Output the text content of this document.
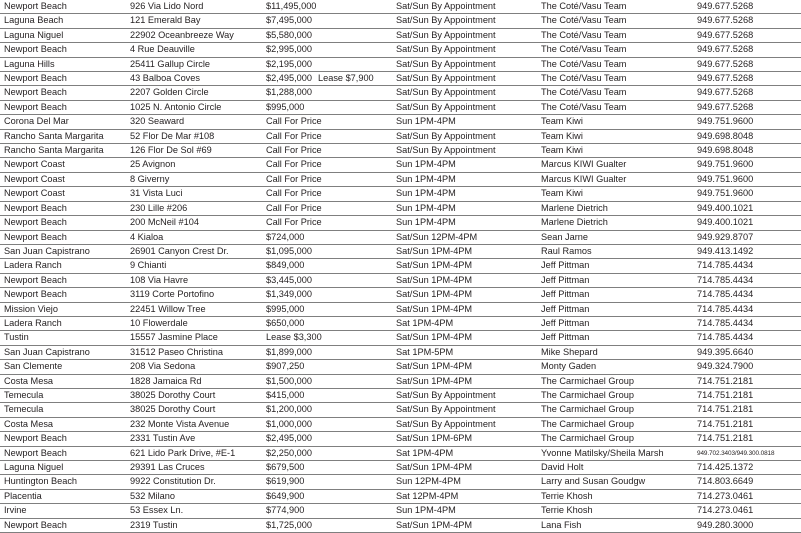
Newport Beach	926 Via Lido Nord	$11,495,000	Sat/Sun By Appointment	The Coté/Vasu Team	949.677.5268
Laguna Beach	121 Emerald Bay	$7,495,000	Sat/Sun By Appointment	The Coté/Vasu Team	949.677.5268
Laguna Niguel	22902 Oceanbreeze Way	$5,580,000	Sat/Sun By Appointment	The Coté/Vasu Team	949.677.5268
Newport Beach	4 Rue Deauville	$2,995,000	Sat/Sun By Appointment	The Coté/Vasu Team	949.677.5268
Laguna Hills	25411 Gallup Circle	$2,195,000	Sat/Sun By Appointment	The Coté/Vasu Team	949.677.5268
Newport Beach	43 Balboa Coves	$2,495,000 Lease $7,900	Sat/Sun By Appointment	The Coté/Vasu Team	949.677.5268
Newport Beach	2207 Golden Circle	$1,288,000	Sat/Sun By Appointment	The Coté/Vasu Team	949.677.5268
Newport Beach	1025 N. Antonio Circle	$995,000	Sat/Sun By Appointment	The Coté/Vasu Team	949.677.5268
Corona Del Mar	320 Seaward	Call For Price	Sun 1PM-4PM	Team Kiwi	949.751.9600
Rancho Santa Margarita	52 Flor De Mar #108	Call For Price	Sat/Sun By Appointment	Team Kiwi	949.698.8048
Rancho Santa Margarita	126 Flor De Sol #69	Call For Price	Sat/Sun By Appointment	Team Kiwi	949.698.8048
Newport Coast	25 Avignon	Call For Price	Sun 1PM-4PM	Marcus KIWI Gualter	949.751.9600
Newport Coast	8 Giverny	Call For Price	Sun 1PM-4PM	Marcus KIWI Gualter	949.751.9600
Newport Coast	31 Vista Luci	Call For Price	Sun 1PM-4PM	Team Kiwi	949.751.9600
Newport Beach	230 Lille #206	Call For Price	Sun 1PM-4PM	Marlene Dietrich	949.400.1021
Newport Beach	200 McNeil #104	Call For Price	Sun 1PM-4PM	Marlene Dietrich	949.400.1021
Newport Beach	4 Kialoa	$724,000	Sat/Sun 12PM-4PM	Sean Jarne	949.929.8707
San Juan Capistrano	26901 Canyon Crest Dr.	$1,095,000	Sat/Sun 1PM-4PM	Raul Ramos	949.413.1492
Ladera Ranch	9 Chianti	$849,000	Sat/Sun 1PM-4PM	Jeff Pittman	714.785.4434
Newport Beach	108 Via Havre	$3,445,000	Sat/Sun 1PM-4PM	Jeff Pittman	714.785.4434
Newport Beach	3119 Corte Portofino	$1,349,000	Sat/Sun 1PM-4PM	Jeff Pittman	714.785.4434
Mission Viejo	22451 Willow Tree	$995,000	Sat/Sun 1PM-4PM	Jeff Pittman	714.785.4434
Ladera Ranch	10 Flowerdale	$650,000	Sat 1PM-4PM	Jeff Pittman	714.785.4434
Tustin	15557 Jasmine Place	Lease $3,300	Sat/Sun 1PM-4PM	Jeff Pittman	714.785.4434
San Juan Capistrano	31512 Paseo Christina	$1,899,000	Sat 1PM-5PM	Mike Shepard	949.395.6640
San Clemente	208 Via Sedona	$907,250	Sat/Sun 1PM-4PM	Monty Gaden	949.324.7900
Costa Mesa	1828 Jamaica Rd	$1,500,000	Sat/Sun 1PM-4PM	The Carmichael Group	714.751.2181
Temecula	38025 Dorothy Court	$415,000	Sat/Sun By Appointment	The Carmichael Group	714.751.2181
Temecula	38025 Dorothy Court	$1,200,000	Sat/Sun By Appointment	The Carmichael Group	714.751.2181
Costa Mesa	232 Monte Vista Avenue	$1,000,000	Sat/Sun By Appointment	The Carmichael Group	714.751.2181
Newport Beach	2331 Tustin Ave	$2,495,000	Sat/Sun 1PM-6PM	The Carmichael Group	714.751.2181
Newport Beach	621 Lido Park Drive, #E-1	$2,250,000	Sat 1PM-4PM	Yvonne Matilsky/Sheila Marsh	949.702.3403/949.300.0818
Laguna Niguel	29391 Las Cruces	$679,500	Sat/Sun 1PM-4PM	David Holt	714.425.1372
Huntington Beach	9922 Constitution Dr.	$619,900	Sun 12PM-4PM	Larry and Susan Goudgw	714.803.6649
Placentia	532 Milano	$649,900	Sat 12PM-4PM	Terrie Khosh	714.273.0461
Irvine	53 Essex Ln.	$774,900	Sun 1PM-4PM	Terrie Khosh	714.273.0461
Newport Beach	2319 Tustin	$1,725,000	Sat/Sun 1PM-4PM	Lana Fish	949.280.3000
